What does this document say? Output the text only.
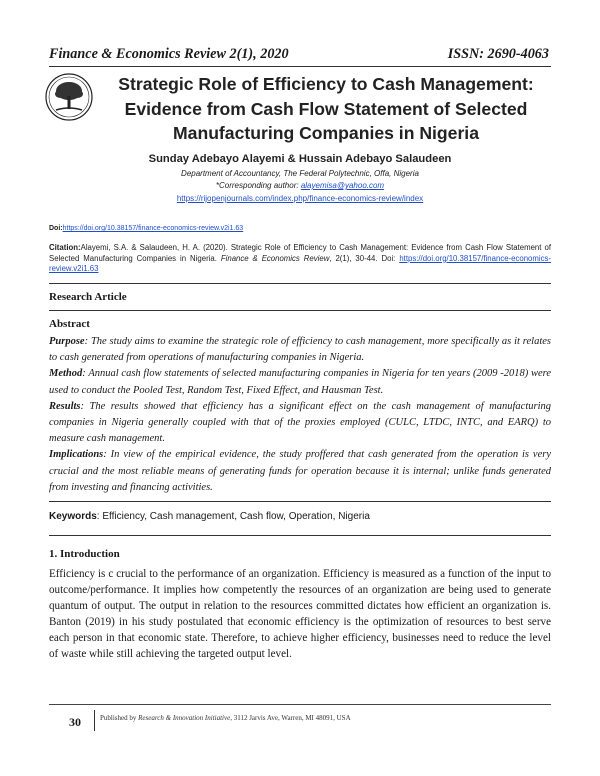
Finance & Economics Review 2(1), 2020	ISSN: 2690-4063
Strategic Role of Efficiency to Cash Management:
Evidence from Cash Flow Statement of Selected
Manufacturing Companies in Nigeria
Sunday Adebayo Alayemi & Hussain Adebayo Salaudeen
Department of Accountancy, The Federal Polytechnic, Offa, Nigeria
*Corresponding author: alayemisa@yahoo.com
https://rijopenjournals.com/index.php/finance-economics-review/index
Doi:https://doi.org/10.38157/finance-economics-review.v2i1.63
Citation:Alayemi, S.A. & Salaudeen, H. A. (2020). Strategic Role of Efficiency to Cash Management: Evidence from Cash Flow Statement of Selected Manufacturing Companies in Nigeria. Finance & Economics Review, 2(1), 30-44. Doi: https://doi.org/10.38157/finance-economics-review.v2i1.63
Research Article
Abstract

Purpose: The study aims to examine the strategic role of efficiency to cash management, more specifically as it relates to cash generated from operations of manufacturing companies in Nigeria.

Method: Annual cash flow statements of selected manufacturing companies in Nigeria for ten years (2009 -2018) were used to conduct the Pooled Test, Random Test, Fixed Effect, and Hausman Test.

Results: The results showed that efficiency has a significant effect on the cash management of manufacturing companies in Nigeria generally coupled with that of the proxies employed (CULC, LTDC, INTC, and EARQ) to measure cash management.

Implications: In view of the empirical evidence, the study proffered that cash generated from the operation is very crucial and the most reliable means of generating funds for operation because it is internal; unlike funds generated from investing and financing activities.

Keywords: Efficiency, Cash management, Cash flow, Operation, Nigeria
1. Introduction
Efficiency is c crucial to the performance of an organization. Efficiency is measured as a function of the input to outcome/performance. It implies how competently the resources of an organization are being used to generate quantum of output. The output in relation to the resources committed dictates how efficient an organization is. Banton (2019) in his study postulated that economic efficiency is the optimization of resources to best serve each person in that economic state. Therefore, to achieve higher efficiency, businesses need to reduce the level of waste while still achieving the targeted output level.
30	Published by Research & Innovation Initiative, 3112 Jarvis Ave, Warren, MI 48091, USA
